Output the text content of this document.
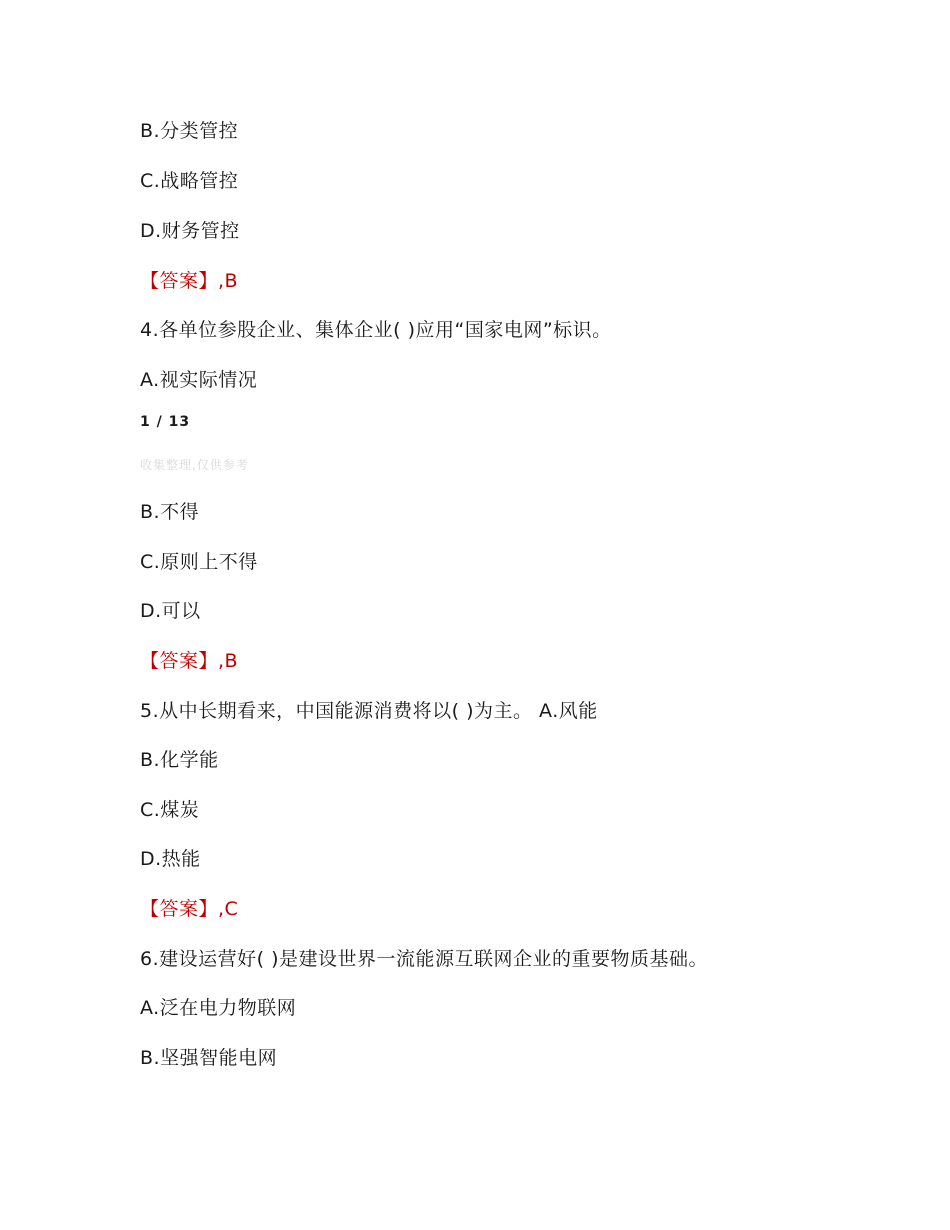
B.分类管控
C.战略管控
D.财务管控
【答案】,B
4.各单位参股企业、集体企业( )应用“国家电网”标识。
A.视实际情况
1 / 13
收集整理,仅供参考
B.不得
C.原则上不得
D.可以
【答案】,B
5.从中长期看来，中国能源消费将以( )为主。 A.风能
B.化学能
C.煤炭
D.热能
【答案】,C
6.建设运营好( )是建设世界一流能源互联网企业的重要物质基础。
A.泛在电力物联网
B.坚强智能电网
